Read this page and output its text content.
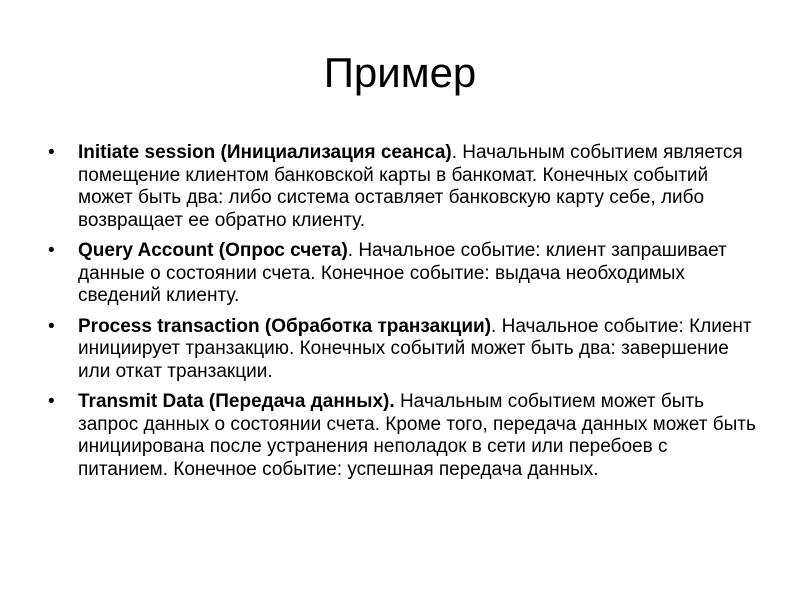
Пример
•	Initiate session (Инициализация сеанса). Начальным событием является помещение клиентом банковской карты в банкомат. Конечных событий может быть два: либо система оставляет банковскую карту себе, либо возвращает ее обратно клиенту.
•	Query Account (Опрос счета). Начальное событие: клиент запрашивает данные о состоянии счета. Конечное событие: выдача необходимых сведений клиенту.
•	Process transaction (Обработка транзакции). Начальное событие: Клиент инициирует транзакцию. Конечных событий может быть два: завершение или откат транзакции.
•	Transmit Data (Передача данных). Начальным событием может быть запрос данных о состоянии счета. Кроме того, передача данных может быть инициирована после устранения неполадок в сети или перебоев с питанием. Конечное событие: успешная передача данных.
